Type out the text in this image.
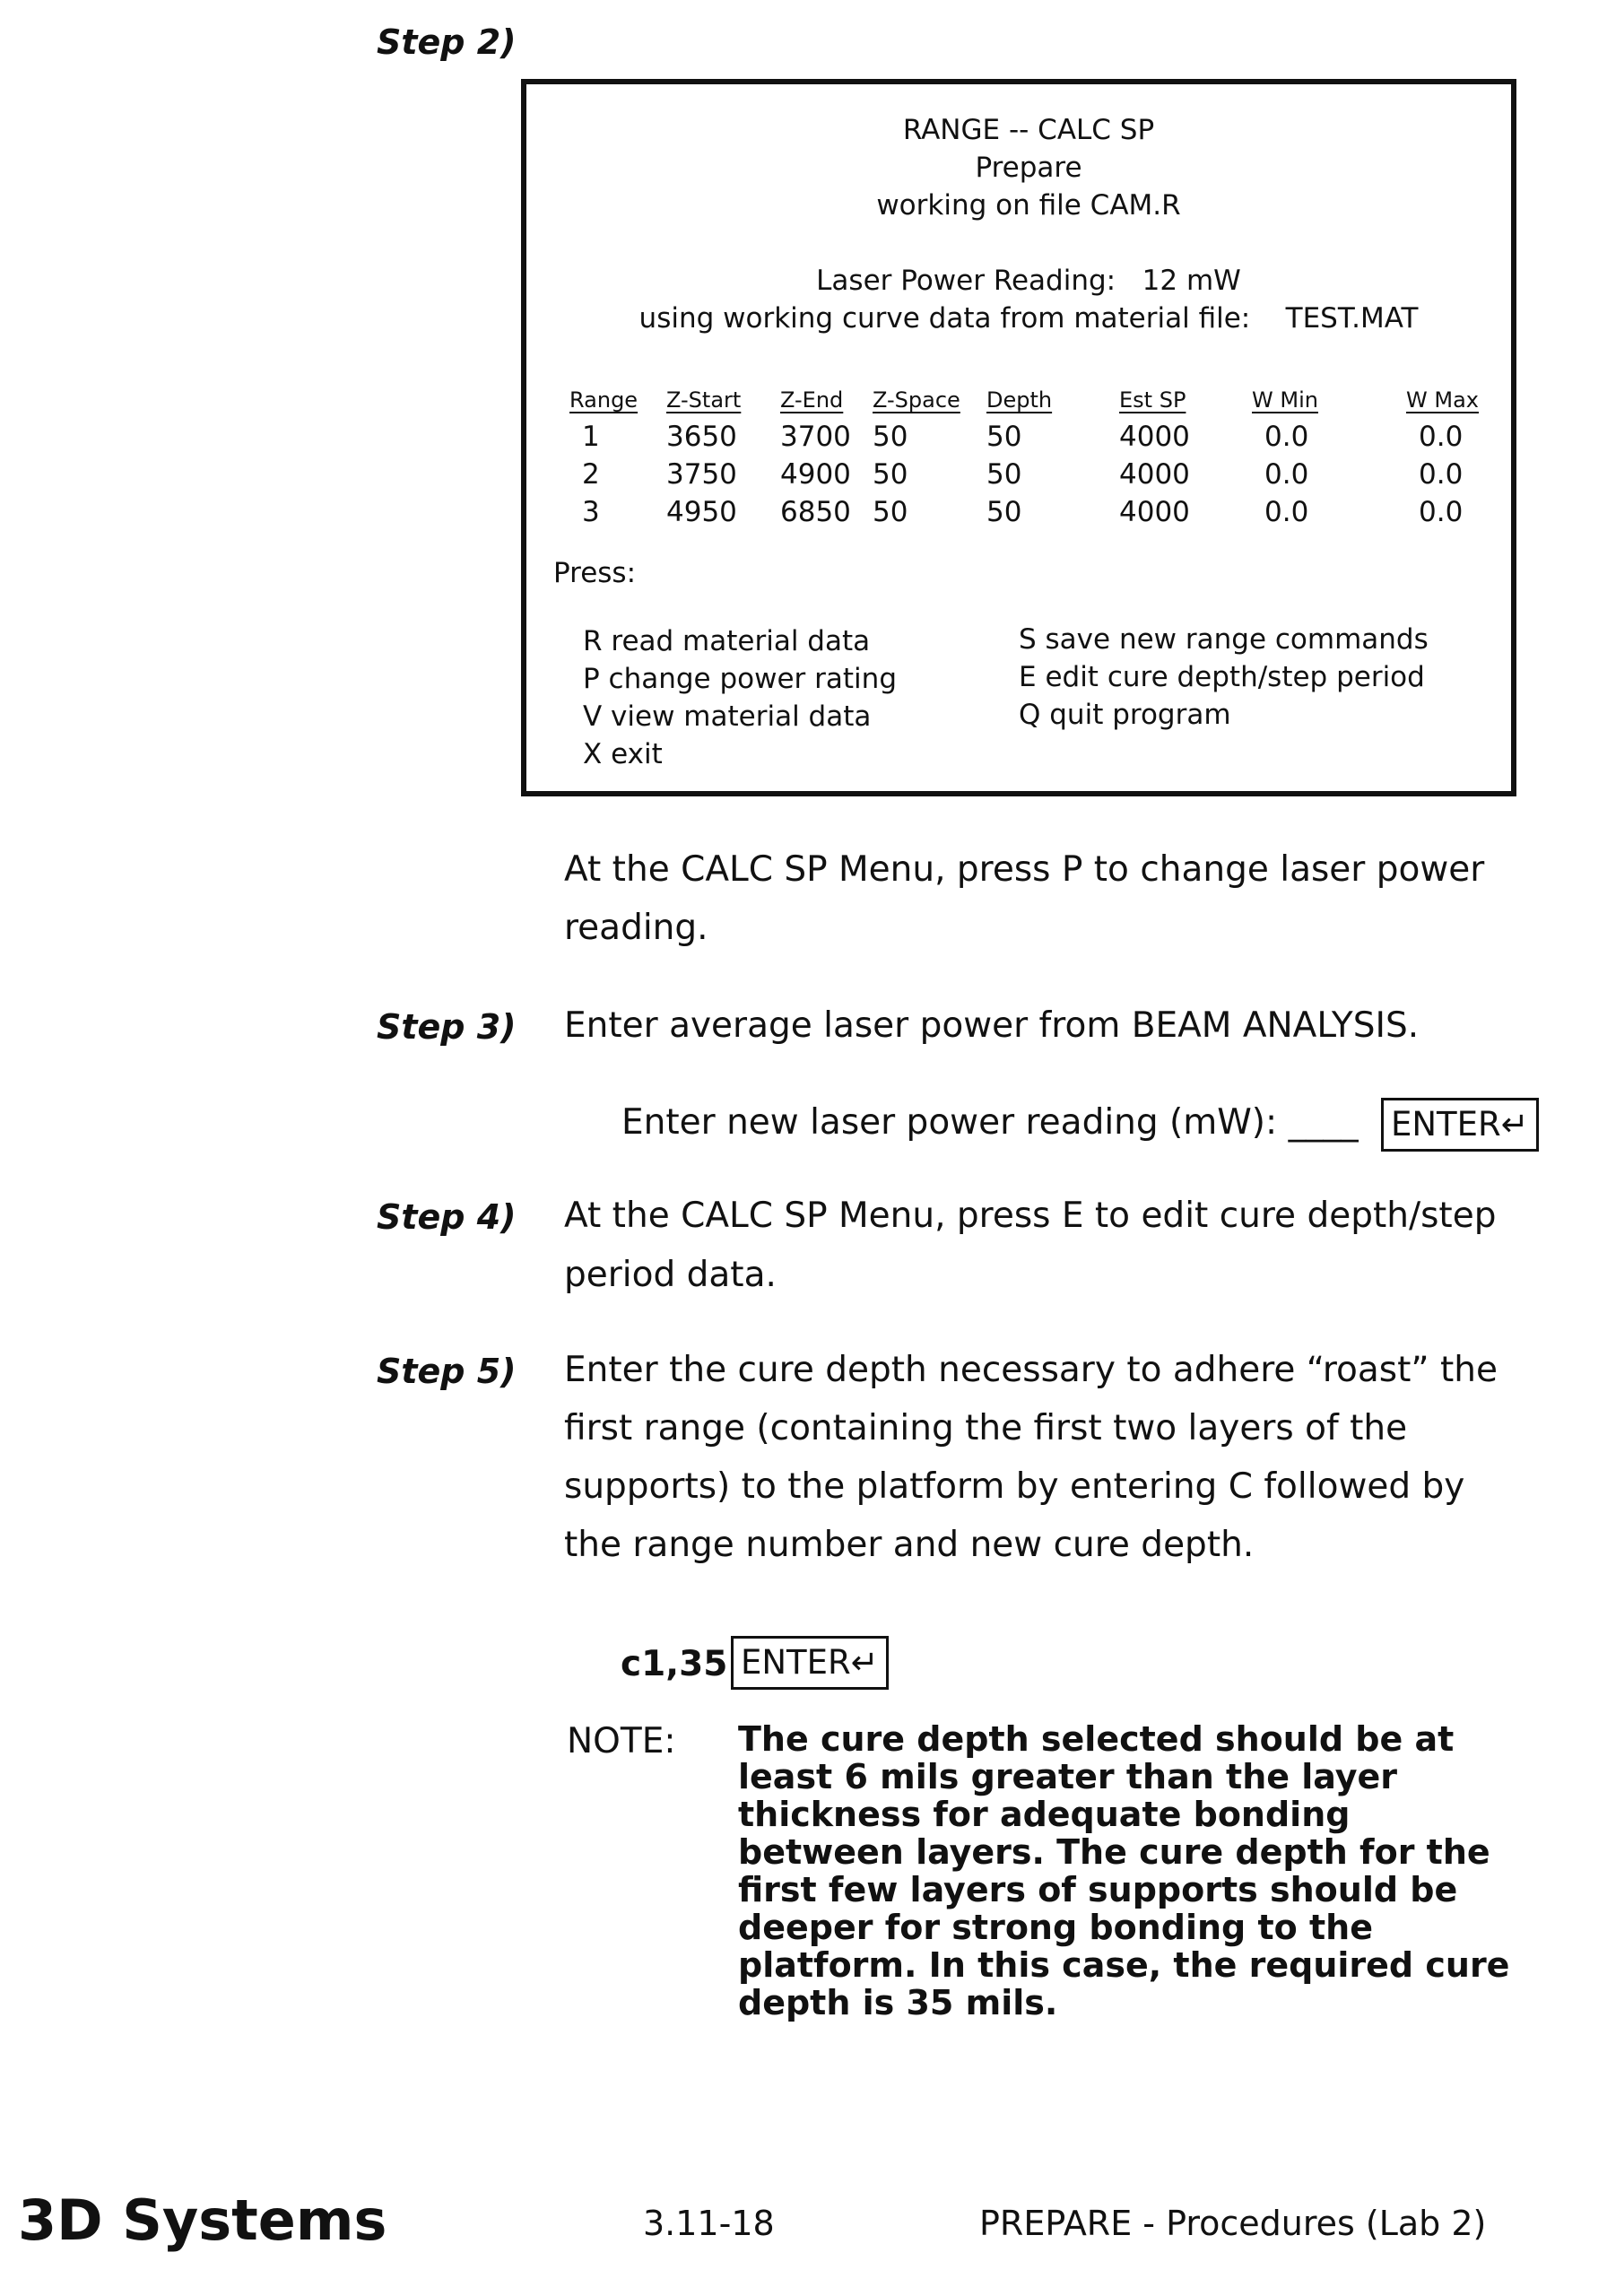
Step 2)
RANGE -- CALC SP
Prepare
working on file CAM.R
Laser Power Reading: 12 mW
using working curve data from material file: TEST.MAT
Range Z-Start Z-End Z-Space Depth	Est SP	W Min	W Max
1 3650 3700 50	50	4000	0.0	0.0
2 3750 4900 50	50	4000	0.0	0.0
3 4950 6850 50	50	4000	0.0	0.0
Press:
R read material data
P change power rating
V view material data
X exit
S save new range commands
E edit cure depth/step period
Q quit program
At the CALC SP Menu, press P to change laser power
reading.
Step 3) Enter average laser power from BEAM ANALYSIS.
Enter new laser power reading (mW): ____ ENTER↵
Step 4) At the CALC SP Menu, press E to edit cure depth/step
period data.
Step 5) Enter the cure depth necessary to adhere “roast” the
first range (containing the first two layers of the
supports) to the platform by entering C followed by
the range number and new cure depth.
c1,35 ENTER↵
NOTE: The cure depth selected should be at least 6 mils greater than the layer thickness for adequate bonding between layers. The cure depth for the first few layers of supports should be deeper for strong bonding to the platform. In this case, the required cure depth is 35 mils.
3D Systems	3.11-18	PREPARE - Procedures (Lab 2)
